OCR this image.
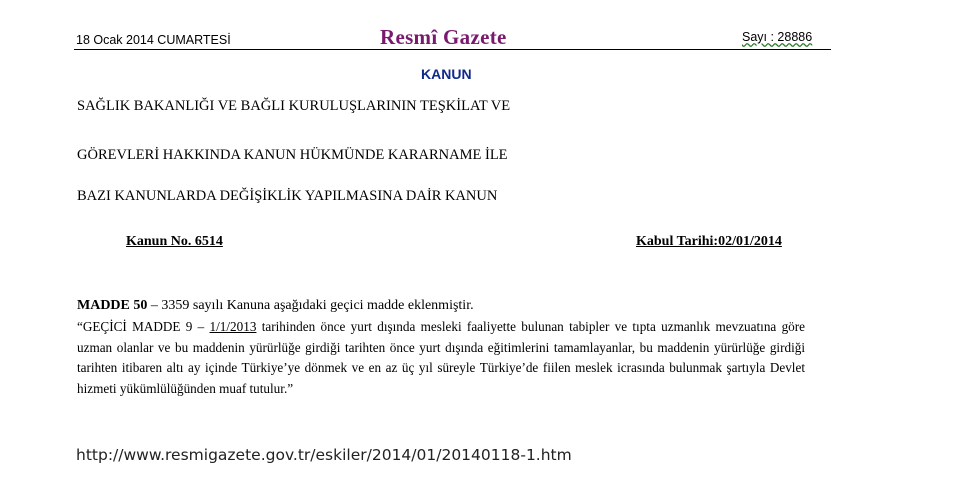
18 Ocak 2014 CUMARTESİ	Resmî Gazete	Sayı : 28886
KANUN
SAĞLIK BAKANLIĞI VE BAĞLI KURULUŞLARININ TEŞKİLAT VE
GÖREVLERİ HAKKINDA KANUN HÜKMÜNDE KARARNAME İLE
BAZI KANUNLARDA DEĞİŞİKLİK YAPILMASINA DAİR KANUN
Kanun No. 6514	Kabul Tarihi:02/01/2014
MADDE 50 – 3359 sayılı Kanuna aşağıdaki geçici madde eklenmiştir.
“GEÇİCİ MADDE 9 – 1/1/2013 tarihinden önce yurt dışında mesleki faaliyette bulunan tabipler ve tıpta uzmanlık mevzuatına göre uzman olanlar ve bu maddenin yürürlüğe girdiği tarihten önce yurt dışında eğitimlerini tamamlayanlar, bu maddenin yürürlüğe girdiği tarihten itibaren altı ay içinde Türkiye’ye dönmek ve en az üç yıl süreyle Türkiye’de fiilen meslek icrasında bulunmak şartıyla Devlet hizmeti yükümlülüğünden muaf tutulur.”
http://www.resmigazete.gov.tr/eskiler/2014/01/20140118-1.htm
